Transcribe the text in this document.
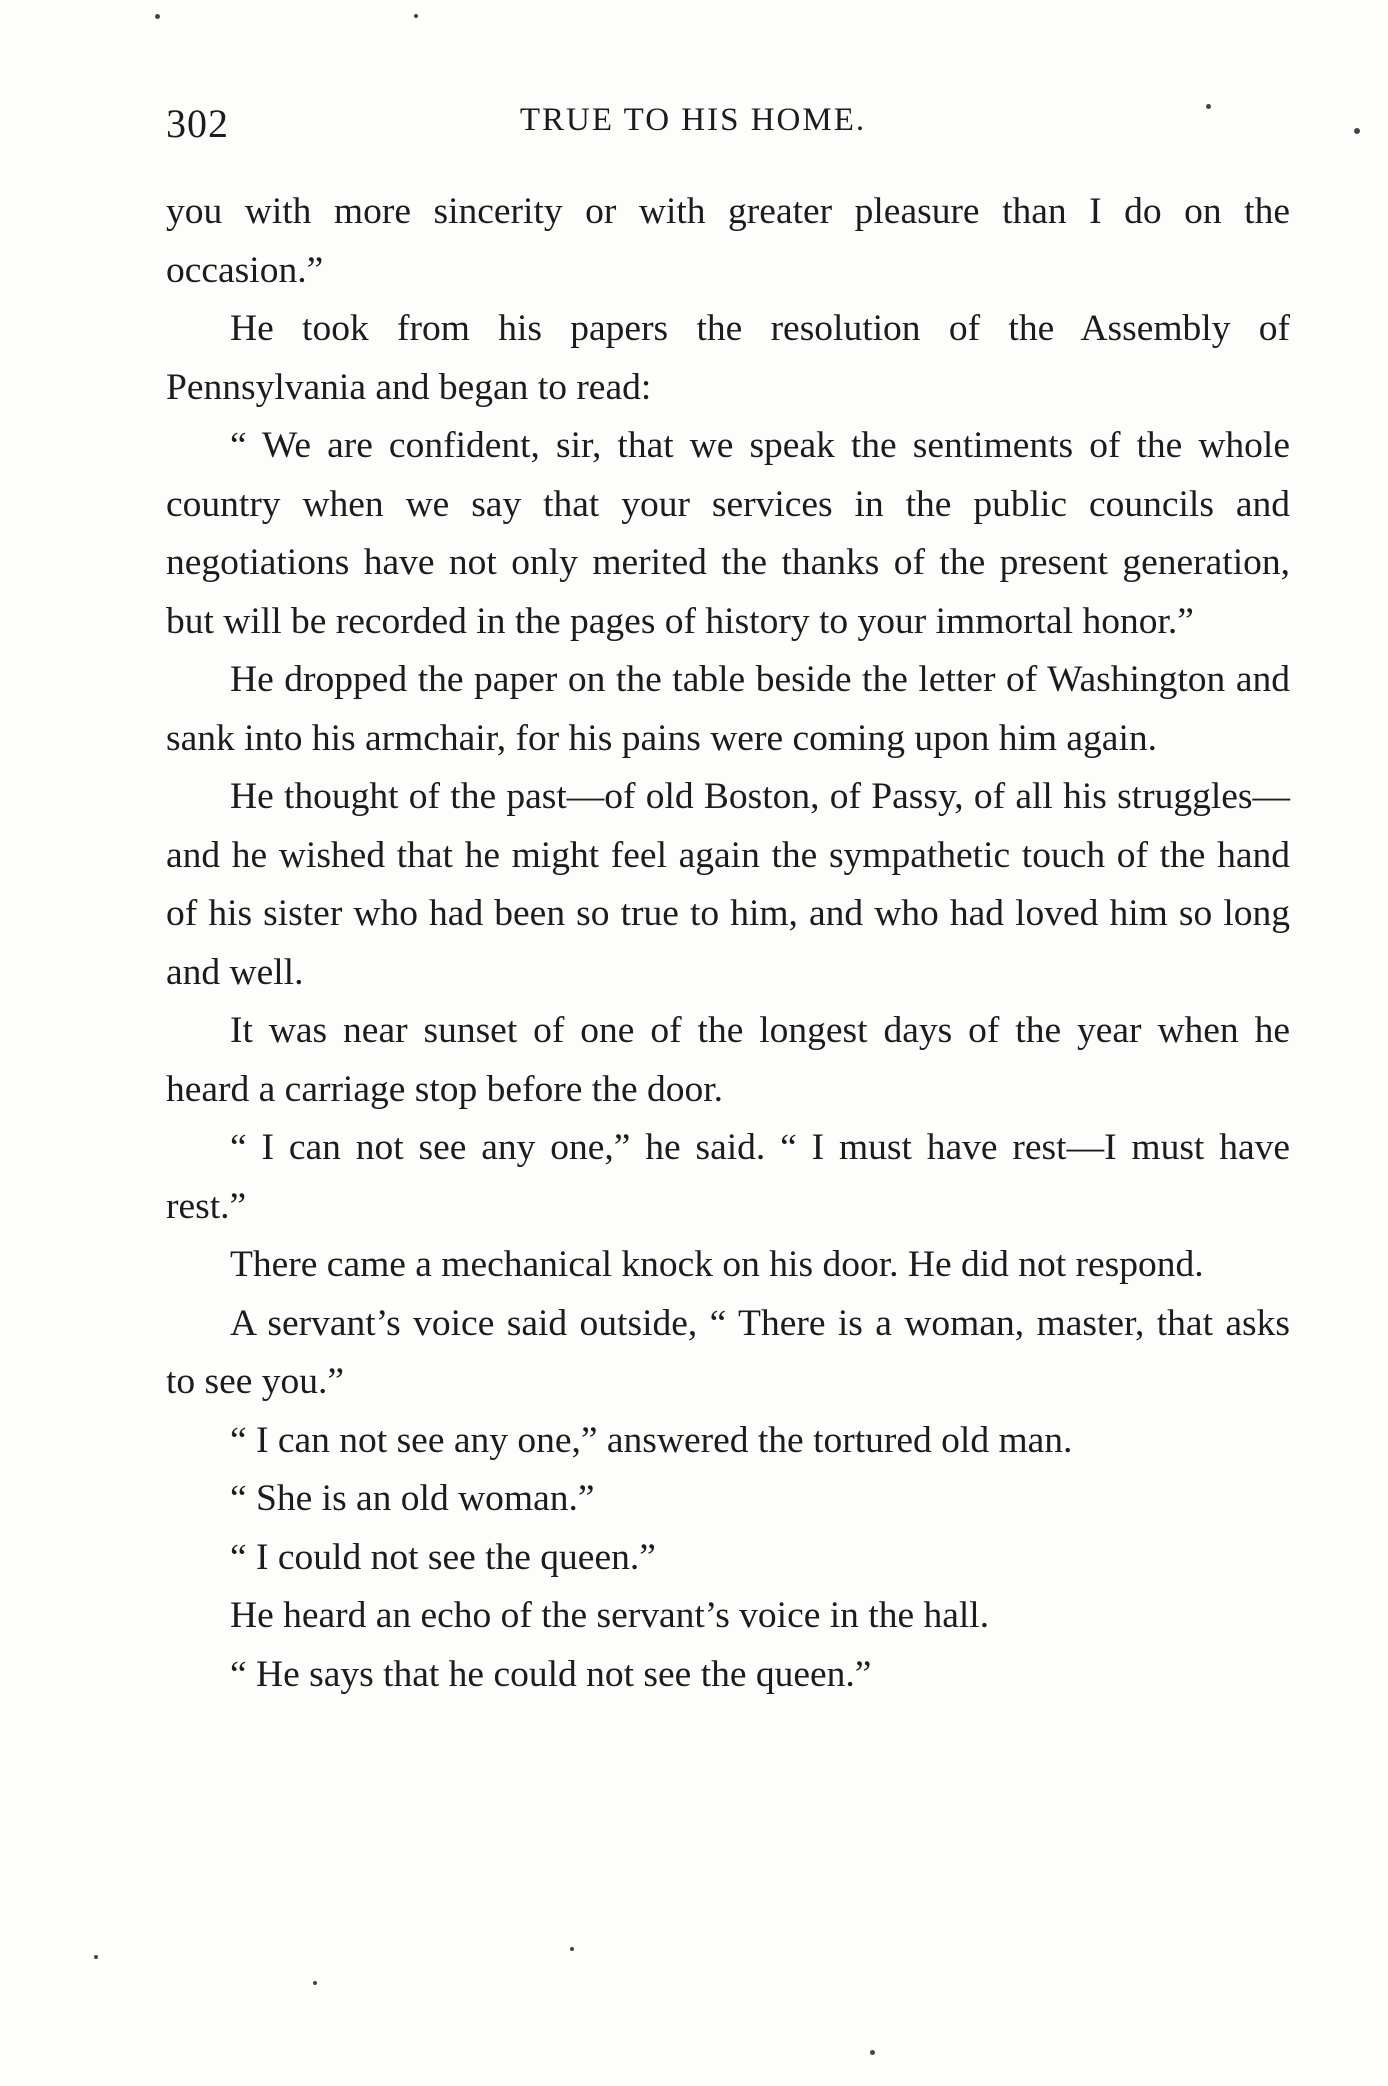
302	TRUE TO HIS HOME.

you with more sincerity or with greater pleasure than I do on the occasion.”

He took from his papers the resolution of the Assembly of Pennsylvania and began to read:

“ We are confident, sir, that we speak the sentiments of the whole country when we say that your services in the public councils and negotiations have not only merited the thanks of the present generation, but will be recorded in the pages of history to your immortal honor.”

He dropped the paper on the table beside the letter of Washington and sank into his armchair, for his pains were coming upon him again.

He thought of the past—of old Boston, of Passy, of all his struggles—and he wished that he might feel again the sympathetic touch of the hand of his sister who had been so true to him, and who had loved him so long and well.

It was near sunset of one of the longest days of the year when he heard a carriage stop before the door.

“ I can not see any one,” he said. “ I must have rest—I must have rest.”

There came a mechanical knock on his door. He did not respond.

A servant’s voice said outside, “ There is a woman, master, that asks to see you.”

“ I can not see any one,” answered the tortured old man.

“ She is an old woman.”

“ I could not see the queen.”

He heard an echo of the servant’s voice in the hall.

“ He says that he could not see the queen.”
